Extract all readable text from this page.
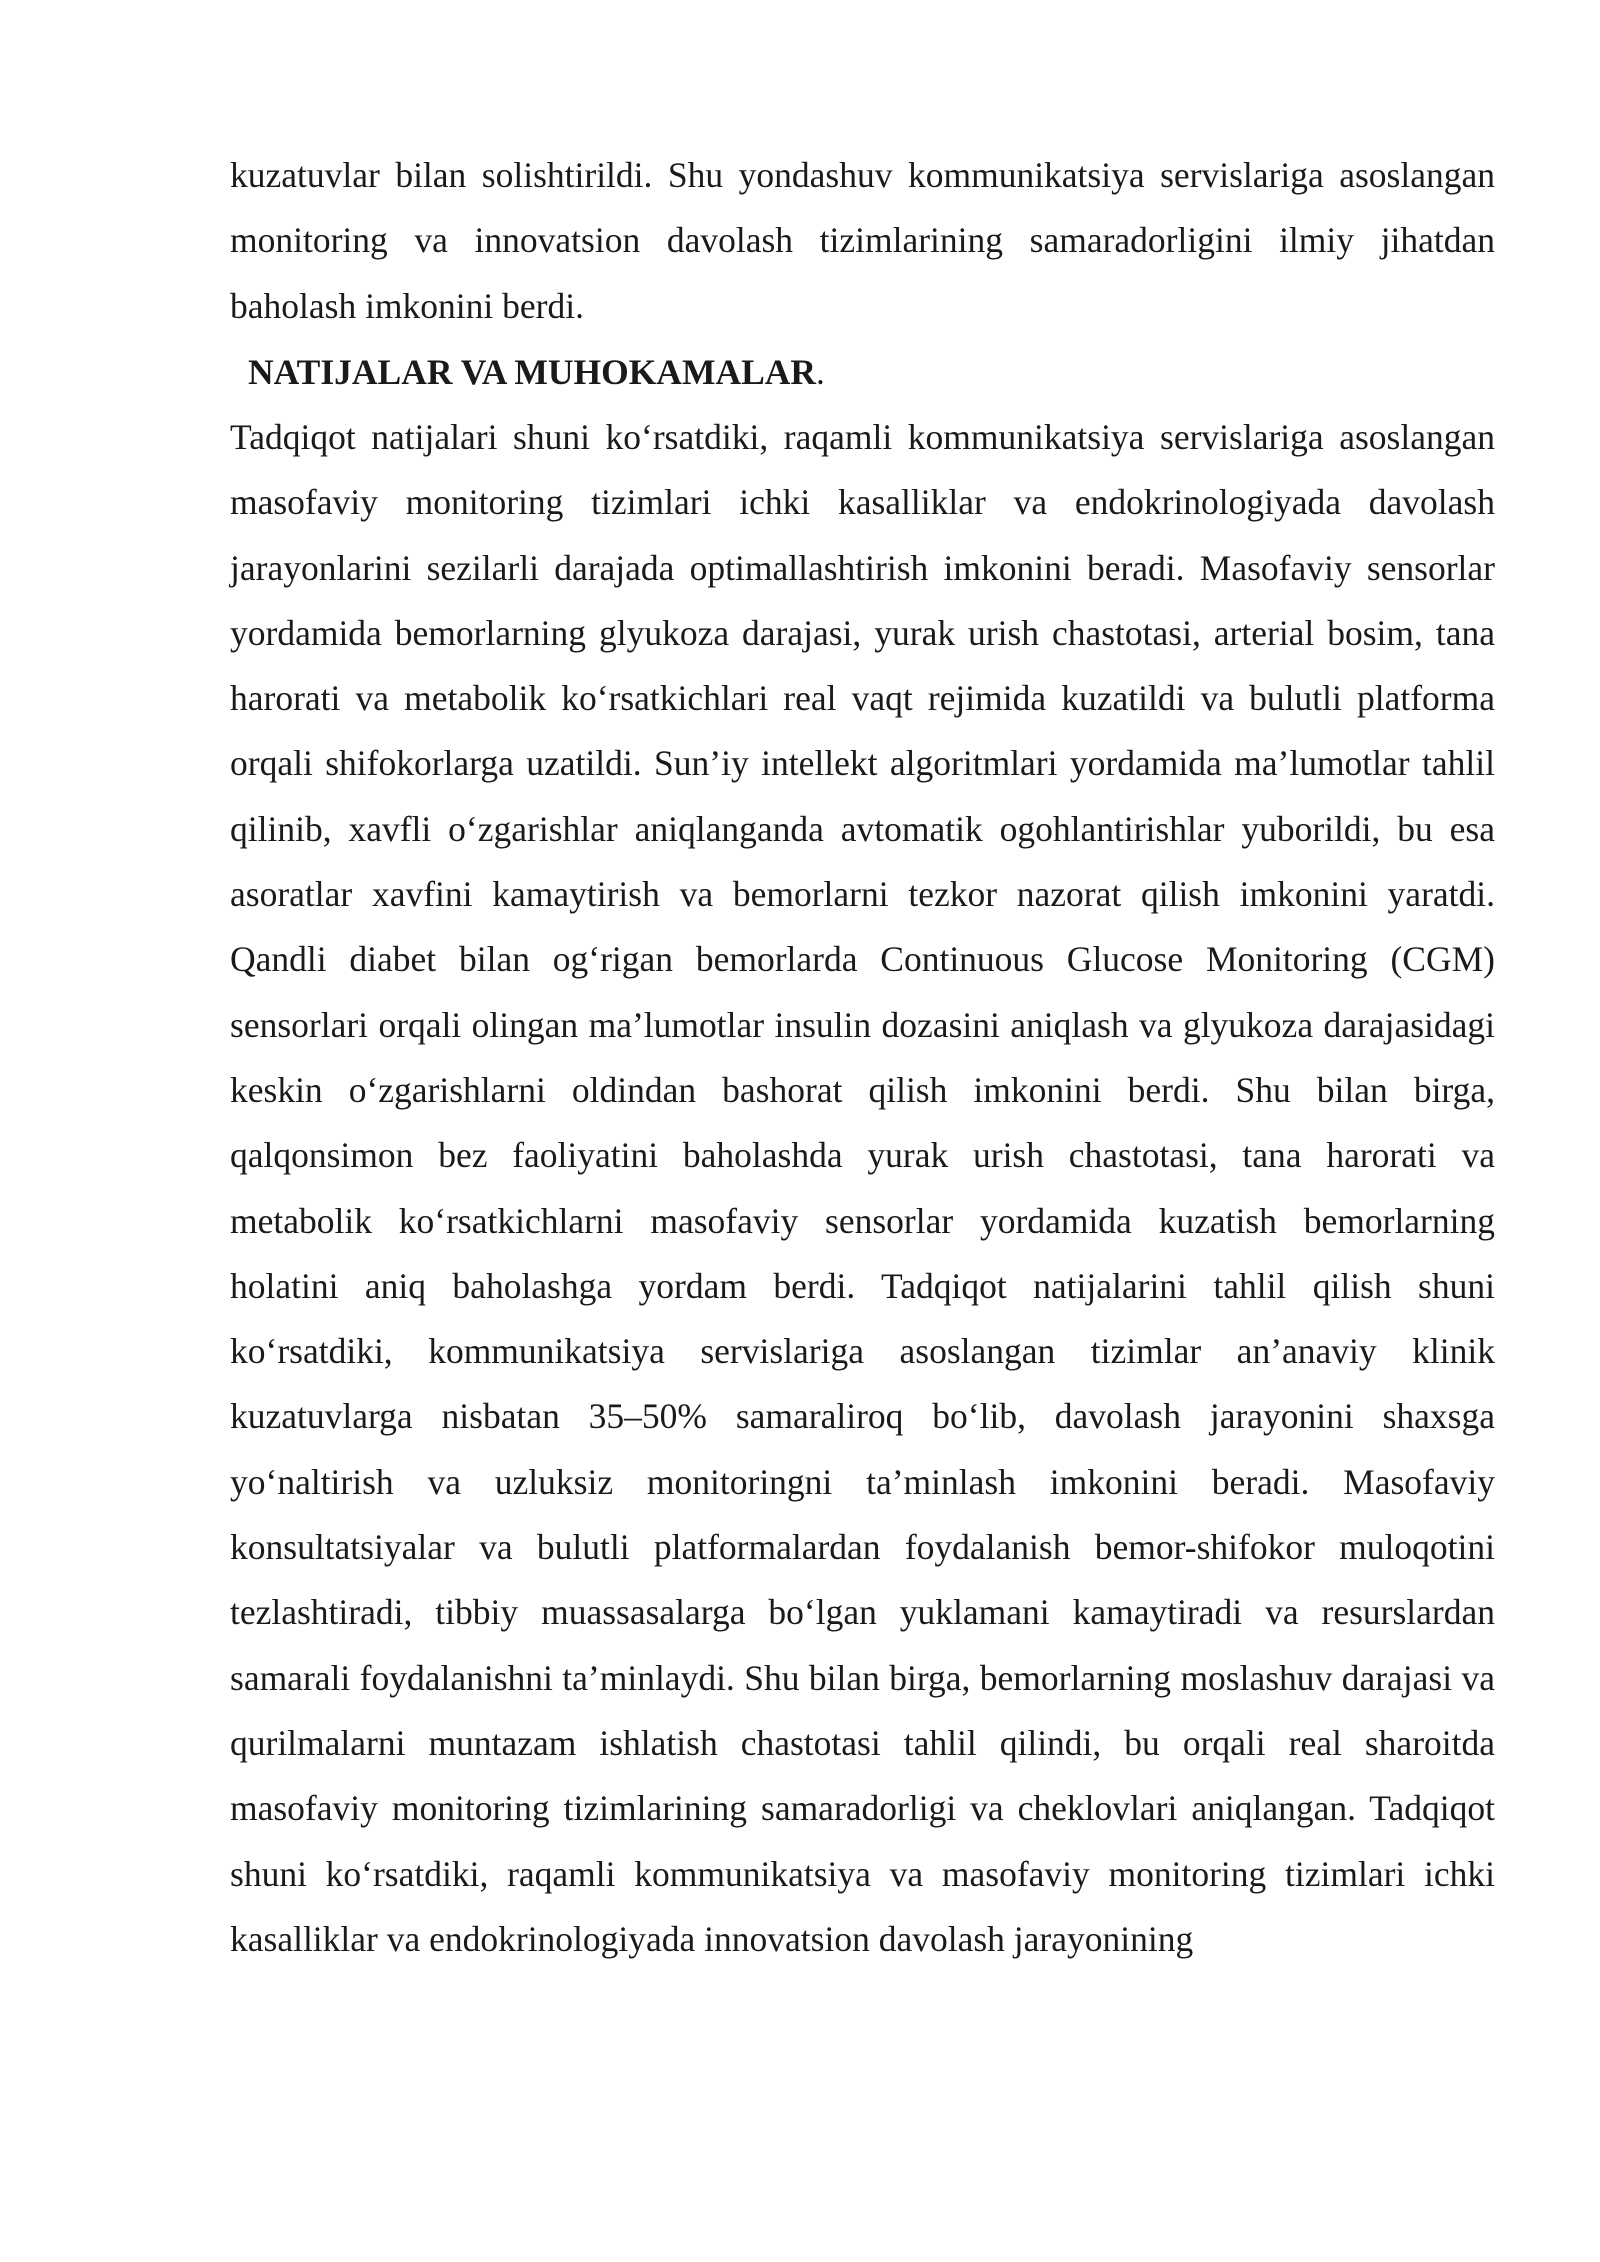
kuzatuvlar bilan solishtirildi. Shu yondashuv kommunikatsiya servislariga asoslangan monitoring va innovatsion davolash tizimlarining samaradorligini ilmiy jihatdan baholash imkonini berdi.

NATIJALAR VA MUHOKAMALAR.

Tadqiqot natijalari shuni ko‘rsatdiki, raqamli kommunikatsiya servislariga asoslangan masofaviy monitoring tizimlari ichki kasalliklar va endokrinologiyada davolash jarayonlarini sezilarli darajada optimallashtirish imkonini beradi. Masofaviy sensorlar yordamida bemorlarning glyukoza darajasi, yurak urish chastotasi, arterial bosim, tana harorati va metabolik ko‘rsatkichlari real vaqt rejimida kuzatildi va bulutli platforma orqali shifokorlarga uzatildi. Sun’iy intellekt algoritmlari yordamida ma’lumotlar tahlil qilinib, xavfli o‘zgarishlar aniqlanganda avtomatik ogohlantirishlar yuborildi, bu esa asoratlar xavfini kamaytirish va bemorlarni tezkor nazorat qilish imkonini yaratdi. Qandli diabet bilan og‘rigan bemorlarda Continuous Glucose Monitoring (CGM) sensorlari orqali olingan ma’lumotlar insulin dozasini aniqlash va glyukoza darajasidagi keskin o‘zgarishlarni oldindan bashorat qilish imkonini berdi. Shu bilan birga, qalqonsimon bez faoliyatini baholashda yurak urish chastotasi, tana harorati va metabolik ko‘rsatkichlarni masofaviy sensorlar yordamida kuzatish bemorlarning holatini aniq baholashga yordam berdi. Tadqiqot natijalarini tahlil qilish shuni ko‘rsatdiki, kommunikatsiya servislariga asoslangan tizimlar an’anaviy klinik kuzatuvlarga nisbatan 35–50% samaraliroq bo‘lib, davolash jarayonini shaxsga yo‘naltirish va uzluksiz monitoringni ta’minlash imkonini beradi. Masofaviy konsultatsiyalar va bulutli platformalardan foydalanish bemor-shifokor muloqotini tezlashtiradi, tibbiy muassasalarga bo‘lgan yuklamani kamaytiradi va resurslardan samarali foydalanishni ta’minlaydi. Shu bilan birga, bemorlarning moslashuv darajasi va qurilmalarni muntazam ishlatish chastotasi tahlil qilindi, bu orqali real sharoitda masofaviy monitoring tizimlarining samaradorligi va cheklovlari aniqlangan. Tadqiqot shuni ko‘rsatdiki, raqamli kommunikatsiya va masofaviy monitoring tizimlari ichki kasalliklar va endokrinologiyada innovatsion davolash jarayonining
